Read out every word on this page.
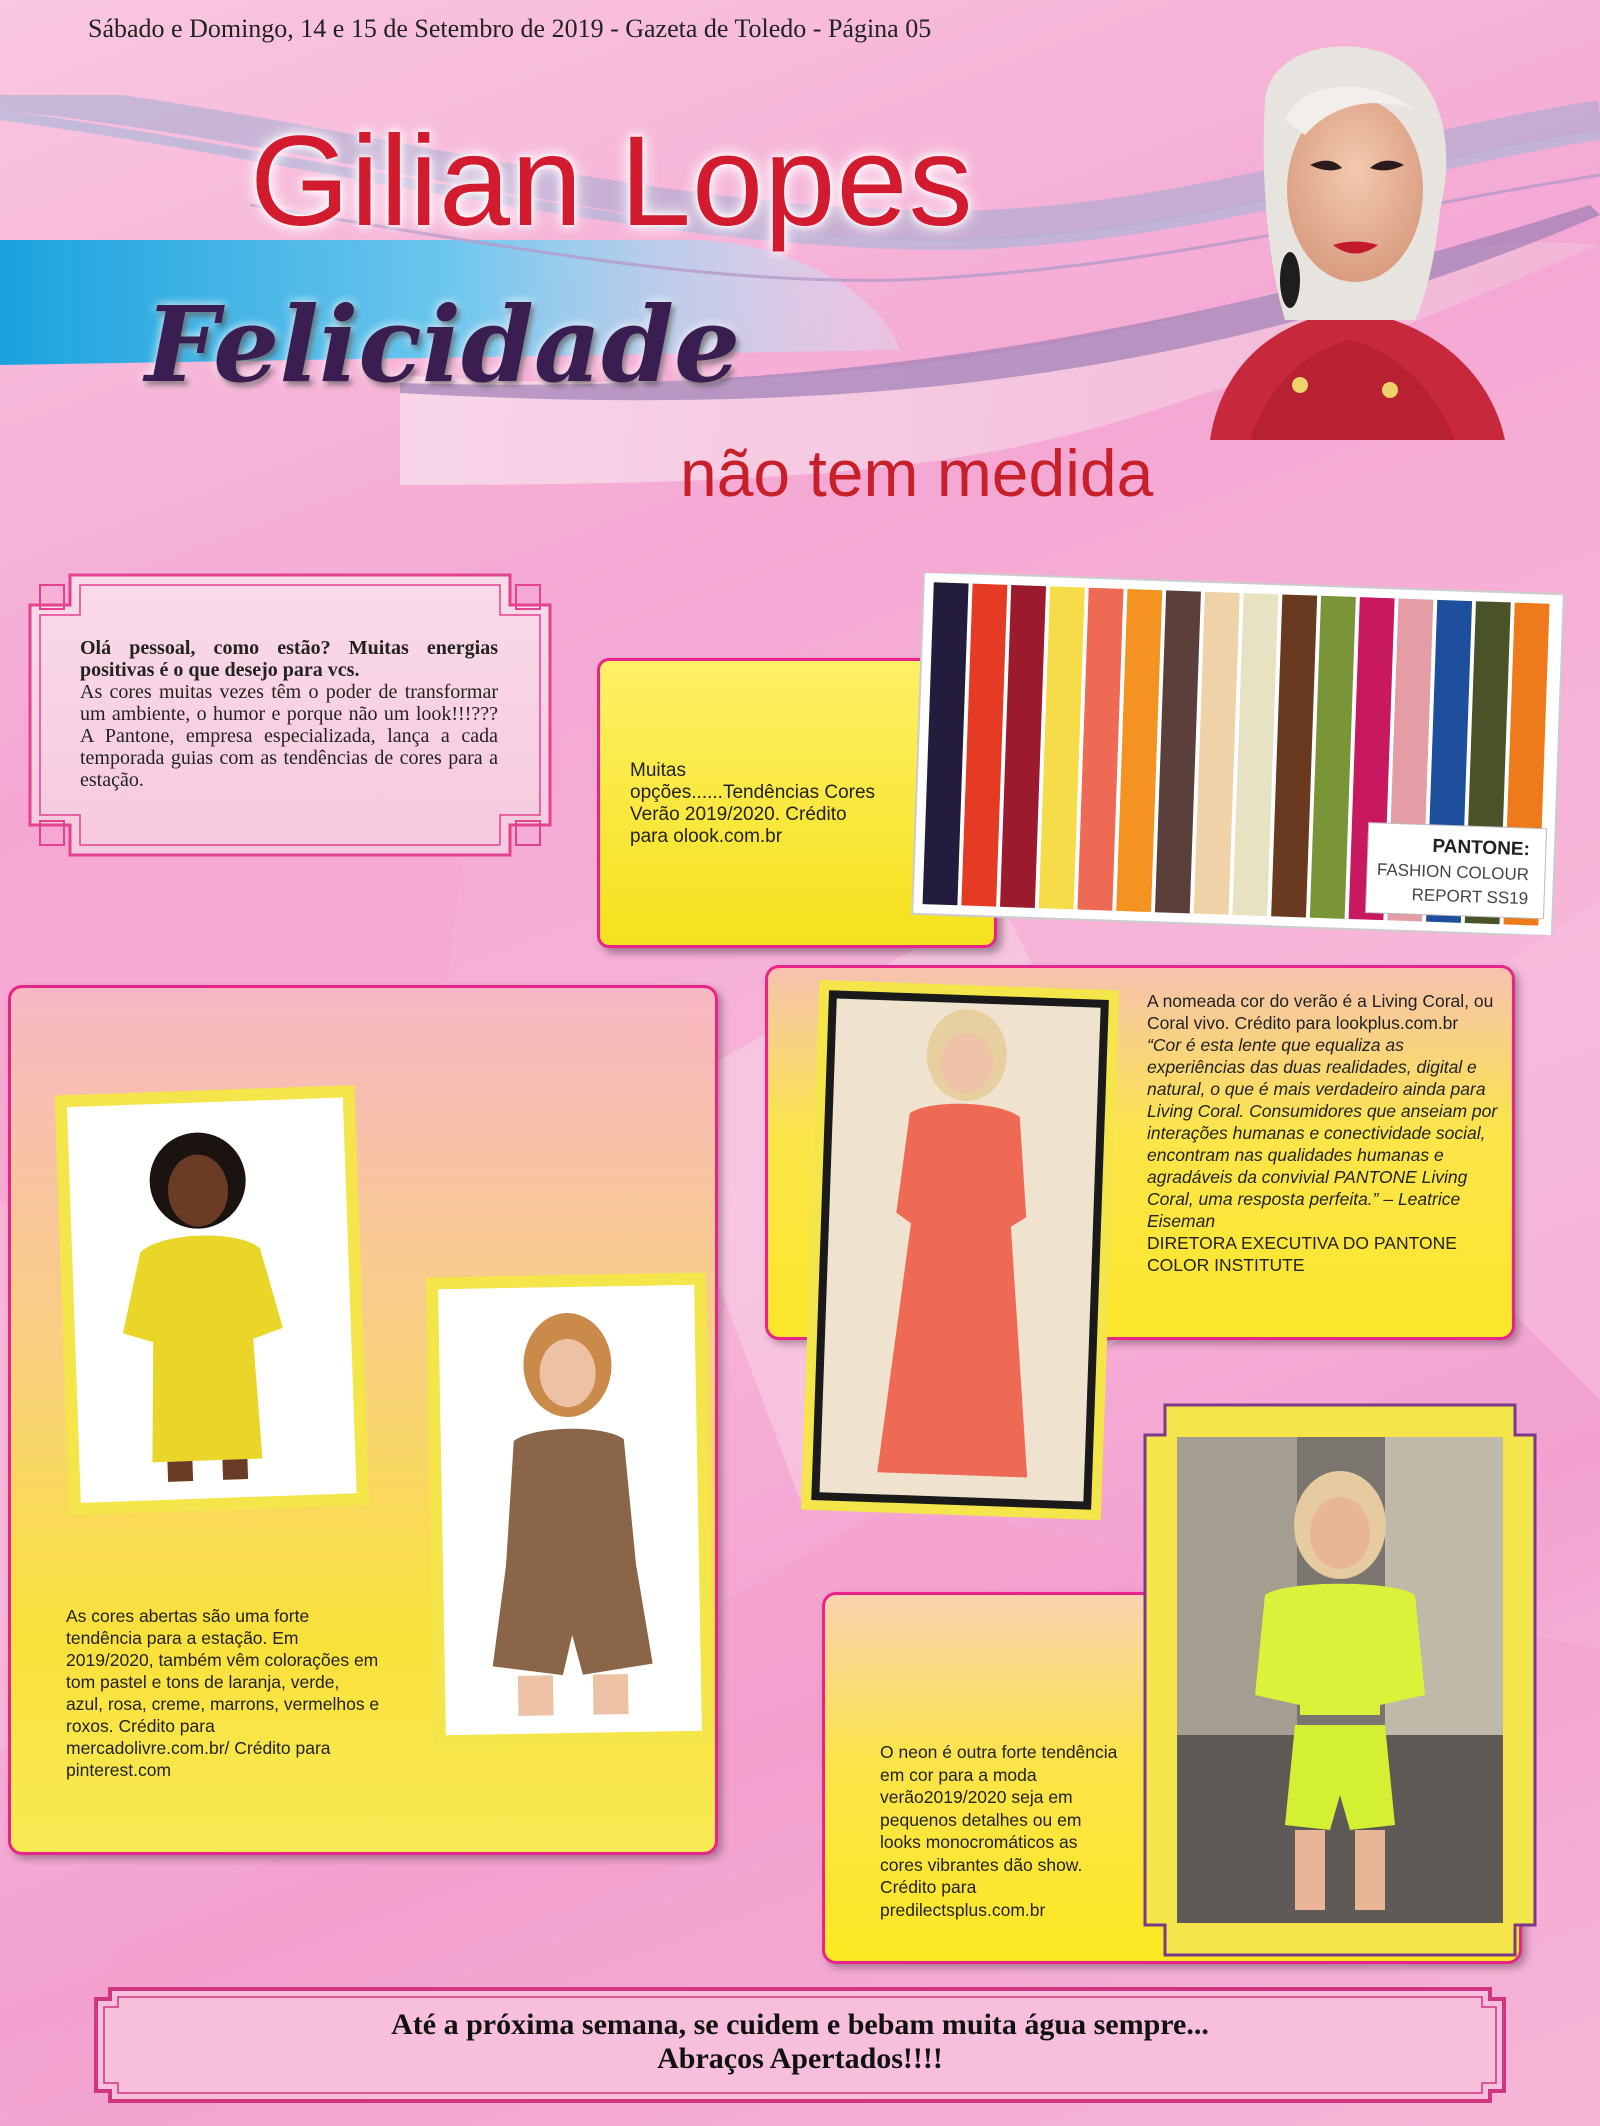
Sábado e Domingo, 14 e 15 de Setembro de 2019 - Gazeta de Toledo - Página 05
Gilian Lopes
Felicidade
não tem medida
Olá pessoal, como estão? Muitas energias positivas é o que desejo para vcs.
As cores muitas vezes têm o poder de transformar um ambiente, o humor e porque não um look!!!??? A Pantone, empresa especializada, lança a cada temporada guias com as tendências de cores para a estação.	Muitas opções......Tendências Cores Verão 2019/2020. Crédito para olook.com.br	PANTONE:
FASHION COLOUR
REPORT SS19
As cores abertas são uma forte tendência para a estação. Em 2019/2020, também vêm colorações em tom pastel e tons de laranja, verde, azul, rosa, creme, marrons, vermelhos e roxos. Crédito para mercadolivre.com.br/ Crédito para pinterest.com
A nomeada cor do verão é a Living Coral, ou Coral vivo. Crédito para lookplus.com.br
“Cor é esta lente que equaliza as experiências das duas realidades, digital e natural, o que é mais verdadeiro ainda para Living Coral. Consumidores que anseiam por interações humanas e conectividade social, encontram nas qualidades humanas e agradáveis da convivial PANTONE Living Coral, uma resposta perfeita.” – Leatrice Eiseman
DIRETORA EXECUTIVA DO PANTONE COLOR INSTITUTE
O neon é outra forte tendência em cor para a moda verão2019/2020 seja em pequenos detalhes ou em looks monocromáticos as cores vibrantes dão show. Crédito para predilectsplus.com.br
Até a próxima semana, se cuidem e bebam muita água sempre...
Abraços Apertados!!!!
